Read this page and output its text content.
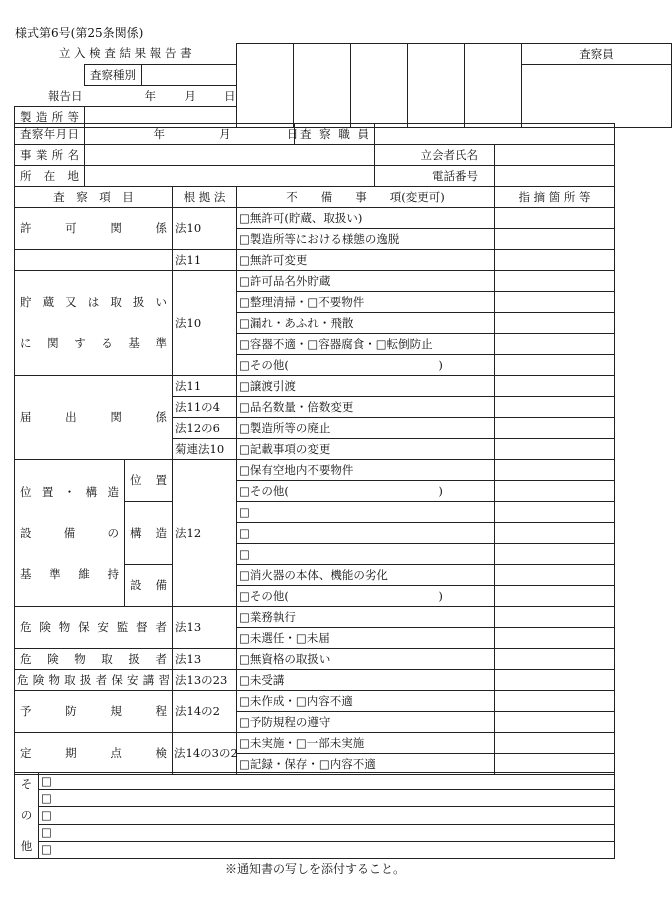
様式第6号(第25条関係)
立 入 検 査 結 果 報 告 書								査察員
	査察種別							
報告日 年 月 日								
製 造 所 等								
査察年月日	年 月 日	査 察 職 員		
事 業 所 名			立会者氏名	

所　在　地			電話番号	

査　察　項　目		根 拠 法	不　　備　　事　　項(変更可)	指 摘 箇 所 等
許　可　関　係		法10	□無許可(貯蔵、取扱い)	
			□製造所等における様態の逸脱	
		法11	□無許可変更	

貯蔵又は取扱い
に関する基準		法10	□許可品名外貯蔵	
			□整理清掃・□不要物件	
			□漏れ・あふれ・飛散	
			□容器不適・□容器腐食・□転倒防止	
			□その他(　　　　　　　　　　　　　)	
届　出　関　係		法11	□譲渡引渡	
		法11の4	□品名数量・倍数変更	
		法12の6	□製造所等の廃止	
		菊連法10	□記載事項の変更	

位置・構造
設備の
基準維持	位　置	法12	□保有空地内不要物件	
			□その他(　　　　　　　　　　　　　)	
	構　造		□	
			□	
			□	
	設　備		□消火器の本体、機能の劣化	
			□その他(　　　　　　　　　　　　　)	
危険物保安監督者		法13	□業務執行	
			□未選任・□未届	
危険物取扱者		法13	□無資格の取扱い	
危険物取扱者保安講習		法13の23	□未受講	
予　防　規　程		法14の2	□未作成・□内容不適	
			□予防規程の遵守	
定　期　点　検		法14の3の2	□未実施・□一部未実施	
			□記録・保存・□内容不適	
そ
の
他
	□
□
□
□
□
※通知書の写しを添付すること。
